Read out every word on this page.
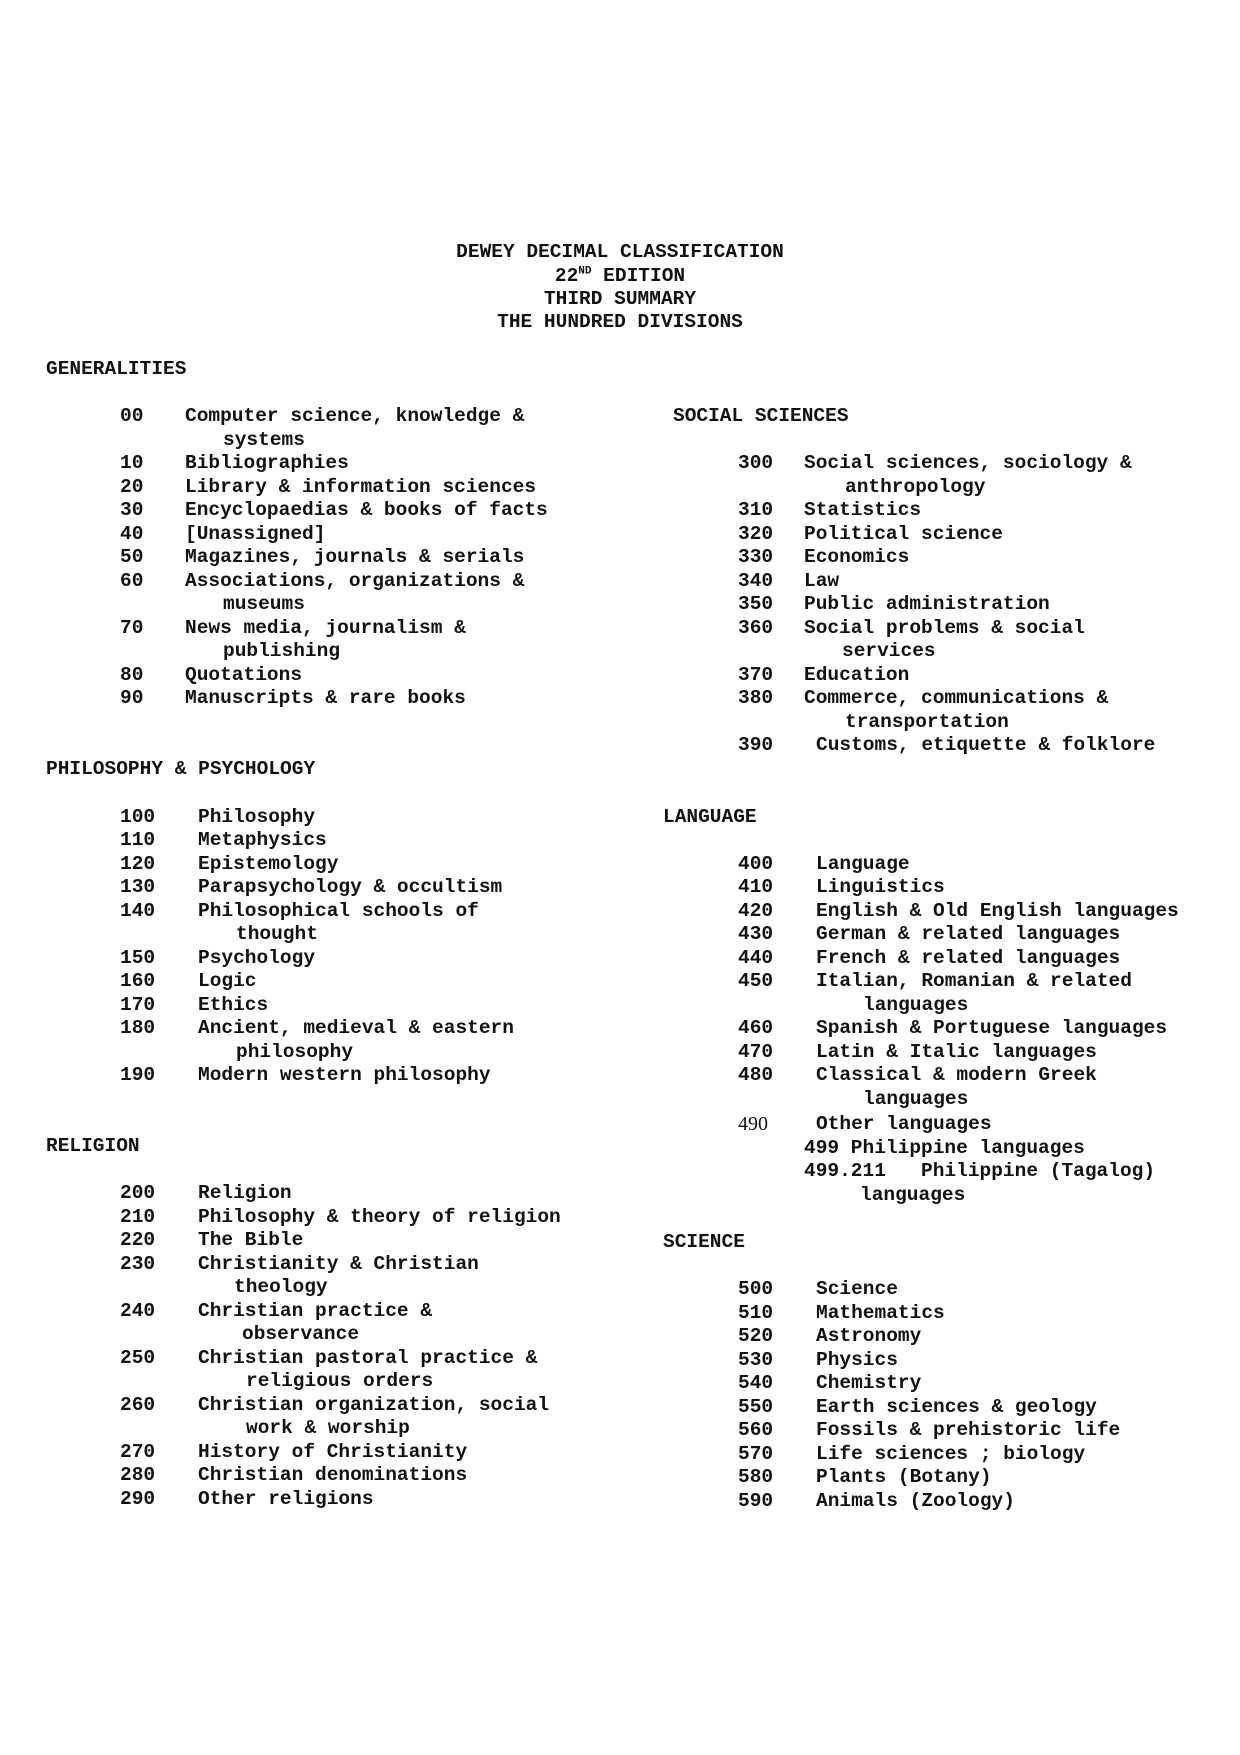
DEWEY DECIMAL CLASSIFICATION
22ND EDITION
THIRD SUMMARY
THE HUNDRED DIVISIONS
GENERALITIES
00 Computer science, knowledge &
systems
10 Bibliographies
20 Library & information sciences
30 Encyclopaedias & books of facts
40 [Unassigned]
50 Magazines, journals & serials
60 Associations, organizations &
museums
70 News media, journalism &
publishing
80 Quotations
90 Manuscripts & rare books
PHILOSOPHY & PSYCHOLOGY
100 Philosophy
110 Metaphysics
120 Epistemology
130 Parapsychology & occultism
140 Philosophical schools of
thought
150 Psychology
160 Logic
170 Ethics
180 Ancient, medieval & eastern
philosophy
190 Modern western philosophy
RELIGION
200 Religion
210 Philosophy & theory of religion
220 The Bible
230 Christianity & Christian
theology
240 Christian practice &
observance
250 Christian pastoral practice &
religious orders
260 Christian organization, social
work & worship
270 History of Christianity
280 Christian denominations
290 Other religions
SOCIAL SCIENCES
300 Social sciences, sociology &
anthropology
310 Statistics
320 Political science
330 Economics
340 Law
350 Public administration
360 Social problems & social
services
370 Education
380 Commerce, communications &
transportation
390 Customs, etiquette & folklore
LANGUAGE
400 Language
410 Linguistics
420 English & Old English languages
430 German & related languages
440 French & related languages
450 Italian, Romanian & related
languages
460 Spanish & Portuguese languages
470 Latin & Italic languages
480 Classical & modern Greek
languages
490 Other languages
499 Philippine languages
499.211   Philippine (Tagalog)
languages
SCIENCE
500 Science
510 Mathematics
520 Astronomy
530 Physics
540 Chemistry
550 Earth sciences & geology
560 Fossils & prehistoric life
570 Life sciences ; biology
580 Plants (Botany)
590 Animals (Zoology)
